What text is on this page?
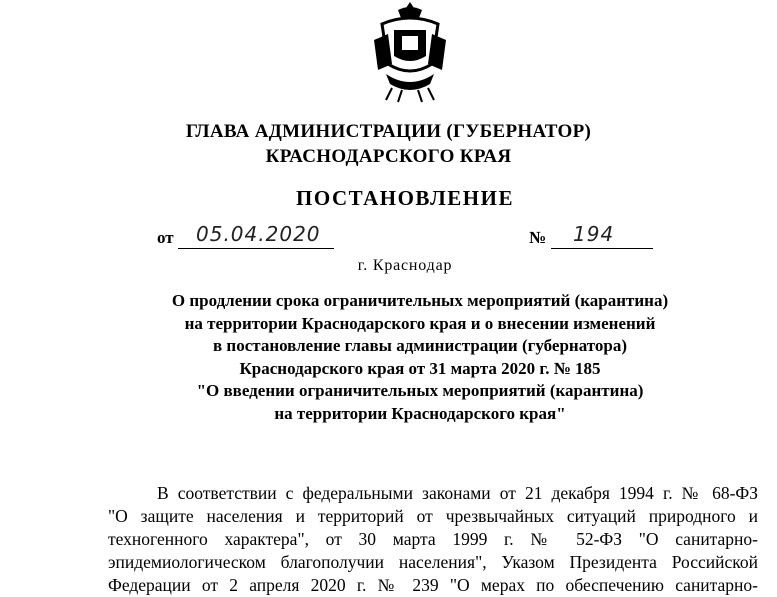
ГЛАВА АДМИНИСТРАЦИИ (ГУБЕРНАТОР)
КРАСНОДАРСКОГО КРАЯ
ПОСТАНОВЛЕНИЕ
от	05.04.2020	№	194
г. Краснодар
О продлении срока ограничительных мероприятий (карантина)
на территории Краснодарского края и о внесении изменений
в постановление главы администрации (губернатора)
Краснодарского края от 31 марта 2020 г. № 185
"О введении ограничительных мероприятий (карантина)
на территории Краснодарского края"
В соответствии с федеральными законами от 21 декабря 1994 г. № 68-ФЗ
"О защите населения и территорий от чрезвычайных ситуаций природного и
техногенного характера", от 30 марта 1999 г. № 52-ФЗ "О санитарно-
эпидемиологическом благополучии населения", Указом Президента Российской
Федерации от 2 апреля 2020 г. № 239 "О мерах по обеспечению санитарно-
